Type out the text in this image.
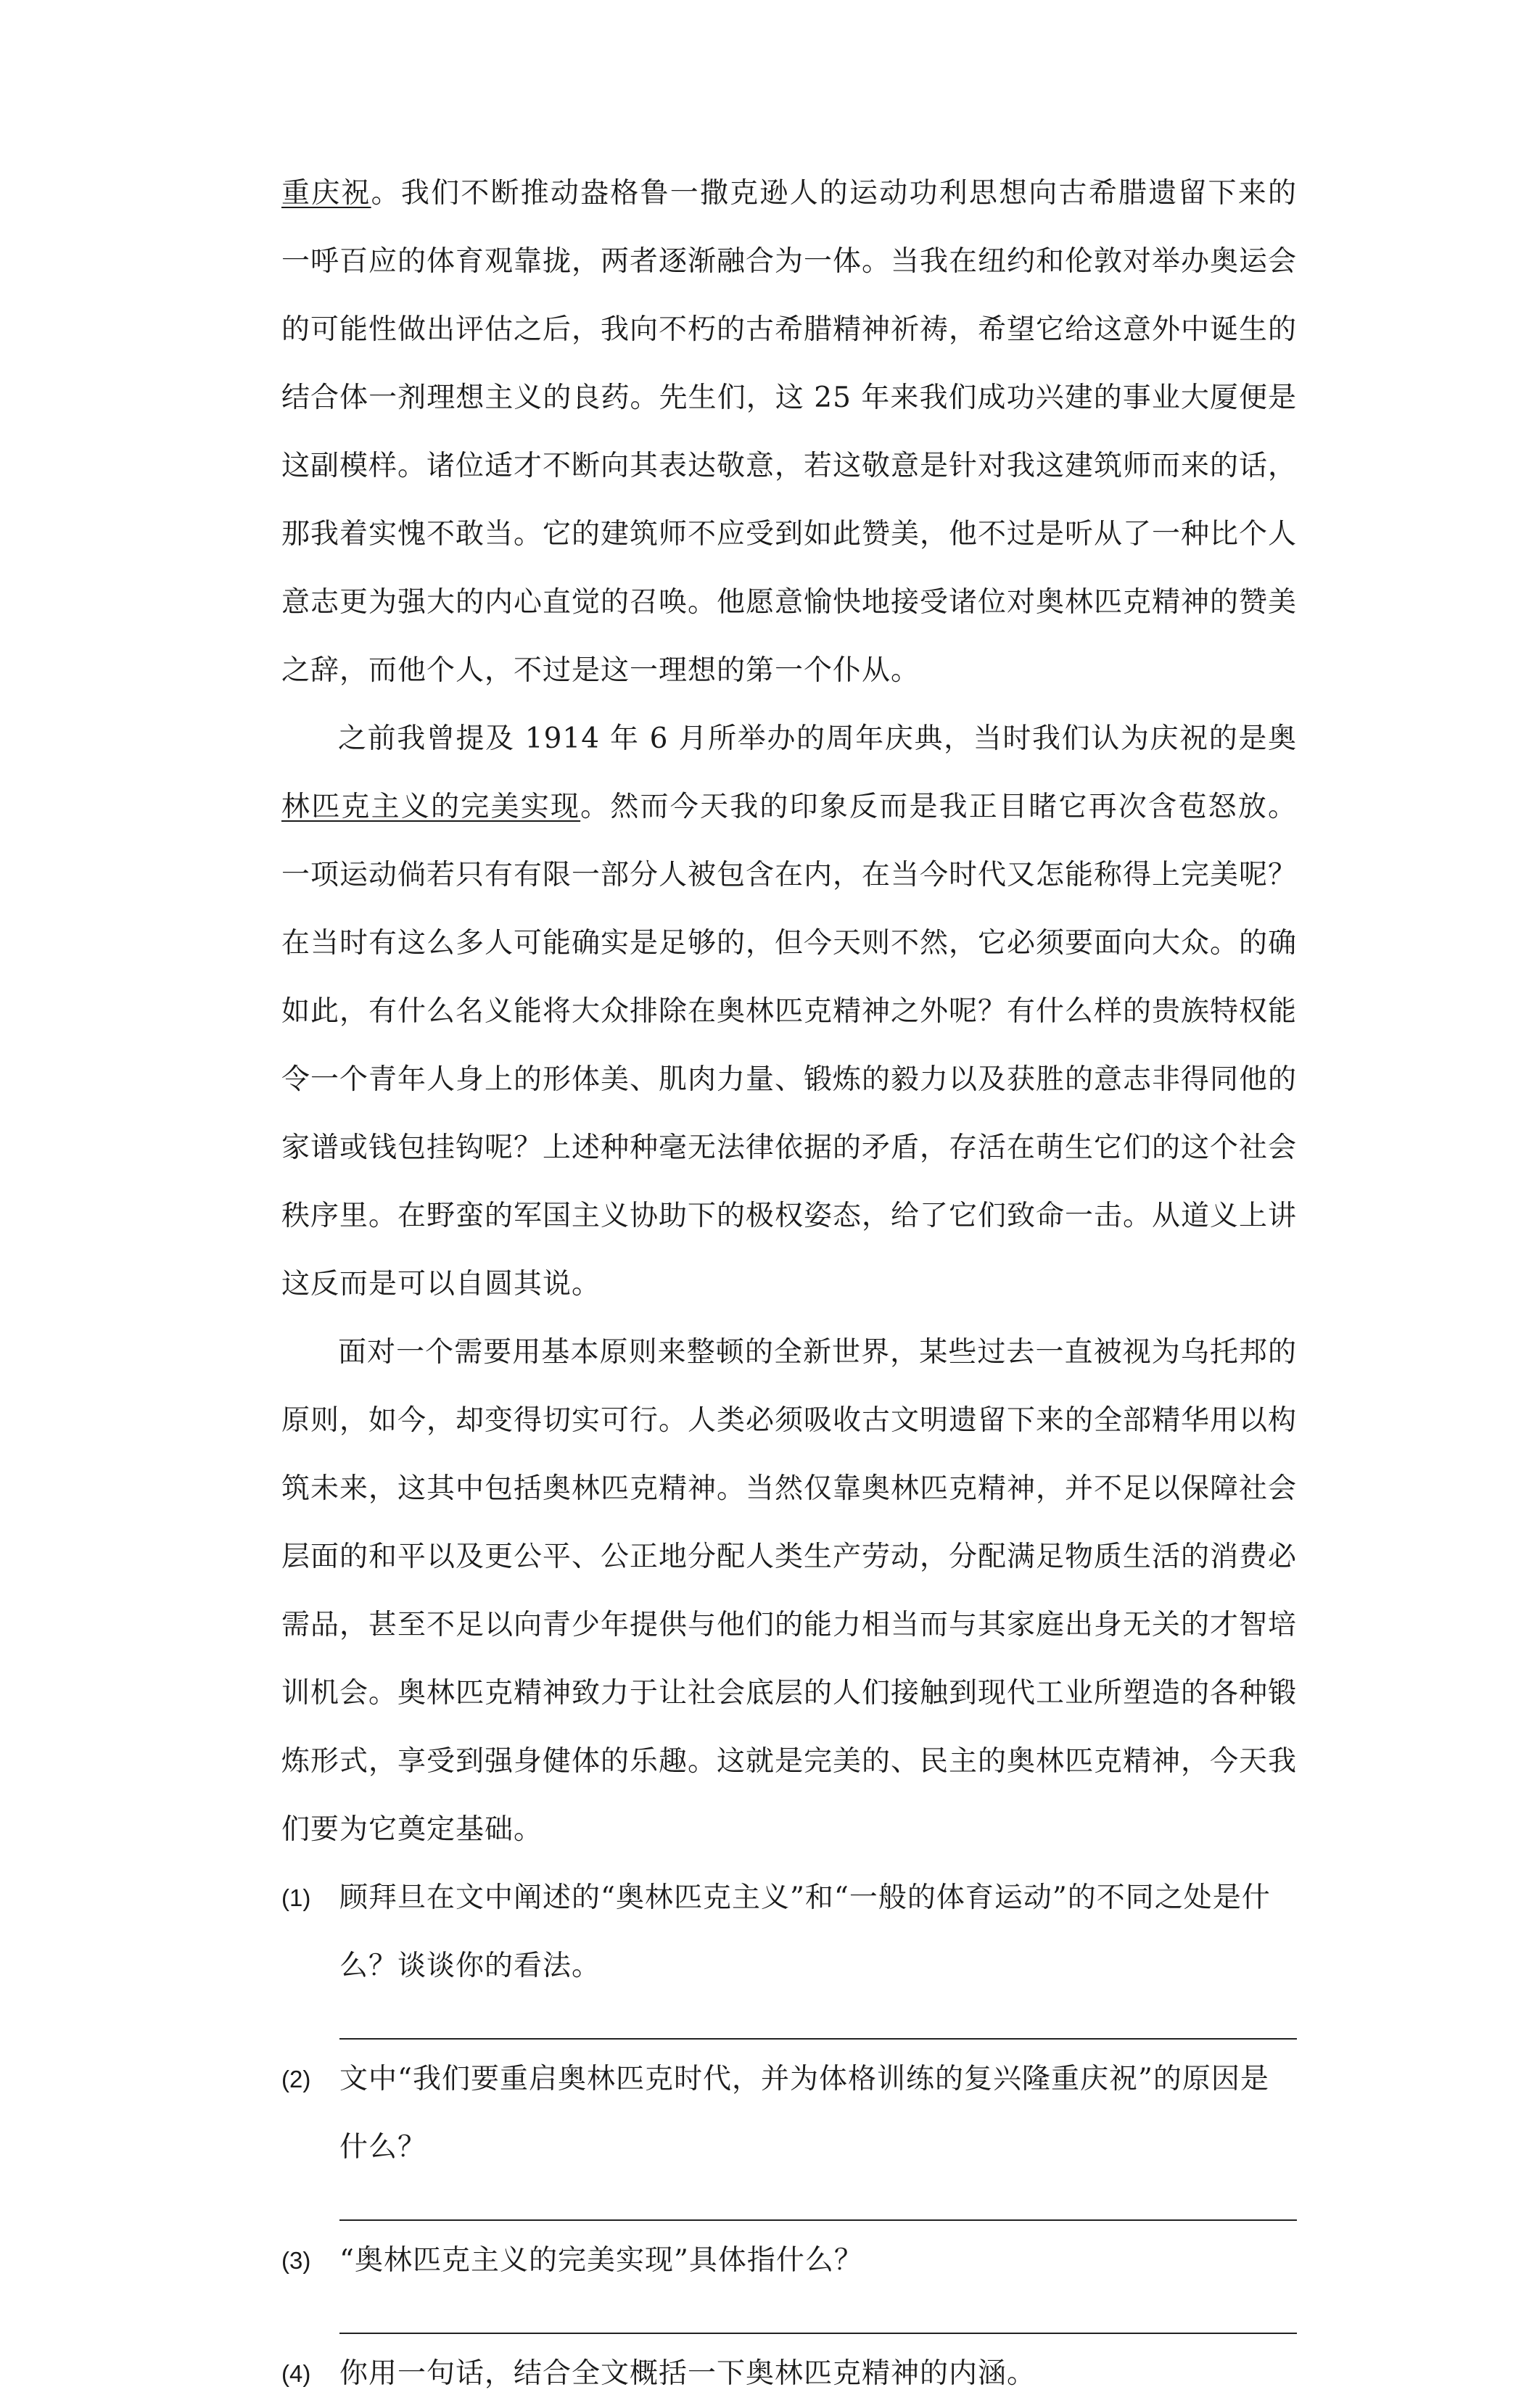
重庆祝。我们不断推动盎格鲁一撒克逊人的运动功利思想向古希腊遗留下来的一呼百应的体育观靠拢，两者逐渐融合为一体。当我在纽约和伦敦对举办奥运会的可能性做出评估之后，我向不朽的古希腊精神祈祷，希望它给这意外中诞生的结合体一剂理想主义的良药。先生们，这 25 年来我们成功兴建的事业大厦便是这副模样。诸位适才不断向其表达敬意，若这敬意是针对我这建筑师而来的话，那我着实愧不敢当。它的建筑师不应受到如此赞美，他不过是听从了一种比个人意志更为强大的内心直觉的召唤。他愿意愉快地接受诸位对奥林匹克精神的赞美之辞，而他个人，不过是这一理想的第一个仆从。

之前我曾提及 1914 年 6 月所举办的周年庆典，当时我们认为庆祝的是奥林匹克主义的完美实现。然而今天我的印象反而是我正目睹它再次含苞怒放。一项运动倘若只有有限一部分人被包含在内，在当今时代又怎能称得上完美呢？在当时有这么多人可能确实是足够的，但今天则不然，它必须要面向大众。的确如此，有什么名义能将大众排除在奥林匹克精神之外呢？有什么样的贵族特权能令一个青年人身上的形体美、肌肉力量、锻炼的毅力以及获胜的意志非得同他的家谱或钱包挂钩呢？上述种种毫无法律依据的矛盾，存活在萌生它们的这个社会秩序里。在野蛮的军国主义协助下的极权姿态，给了它们致命一击。从道义上讲这反而是可以自圆其说。

面对一个需要用基本原则来整顿的全新世界，某些过去一直被视为乌托邦的原则，如今，却变得切实可行。人类必须吸收古文明遗留下来的全部精华用以构筑未来，这其中包括奥林匹克精神。当然仅靠奥林匹克精神，并不足以保障社会层面的和平以及更公平、公正地分配人类生产劳动，分配满足物质生活的消费必需品，甚至不足以向青少年提供与他们的能力相当而与其家庭出身无关的才智培训机会。奥林匹克精神致力于让社会底层的人们接触到现代工业所塑造的各种锻炼形式，享受到强身健体的乐趣。这就是完美的、民主的奥林匹克精神，今天我们要为它奠定基础。

(1) 顾拜旦在文中阐述的“奥林匹克主义”和“一般的体育运动”的不同之处是什么？谈谈你的看法。

(2) 文中“我们要重启奥林匹克时代，并为体格训练的复兴隆重庆祝”的原因是什么？

(3) “奥林匹克主义的完美实现”具体指什么？

(4) 你用一句话，结合全文概括一下奥林匹克精神的内涵。
